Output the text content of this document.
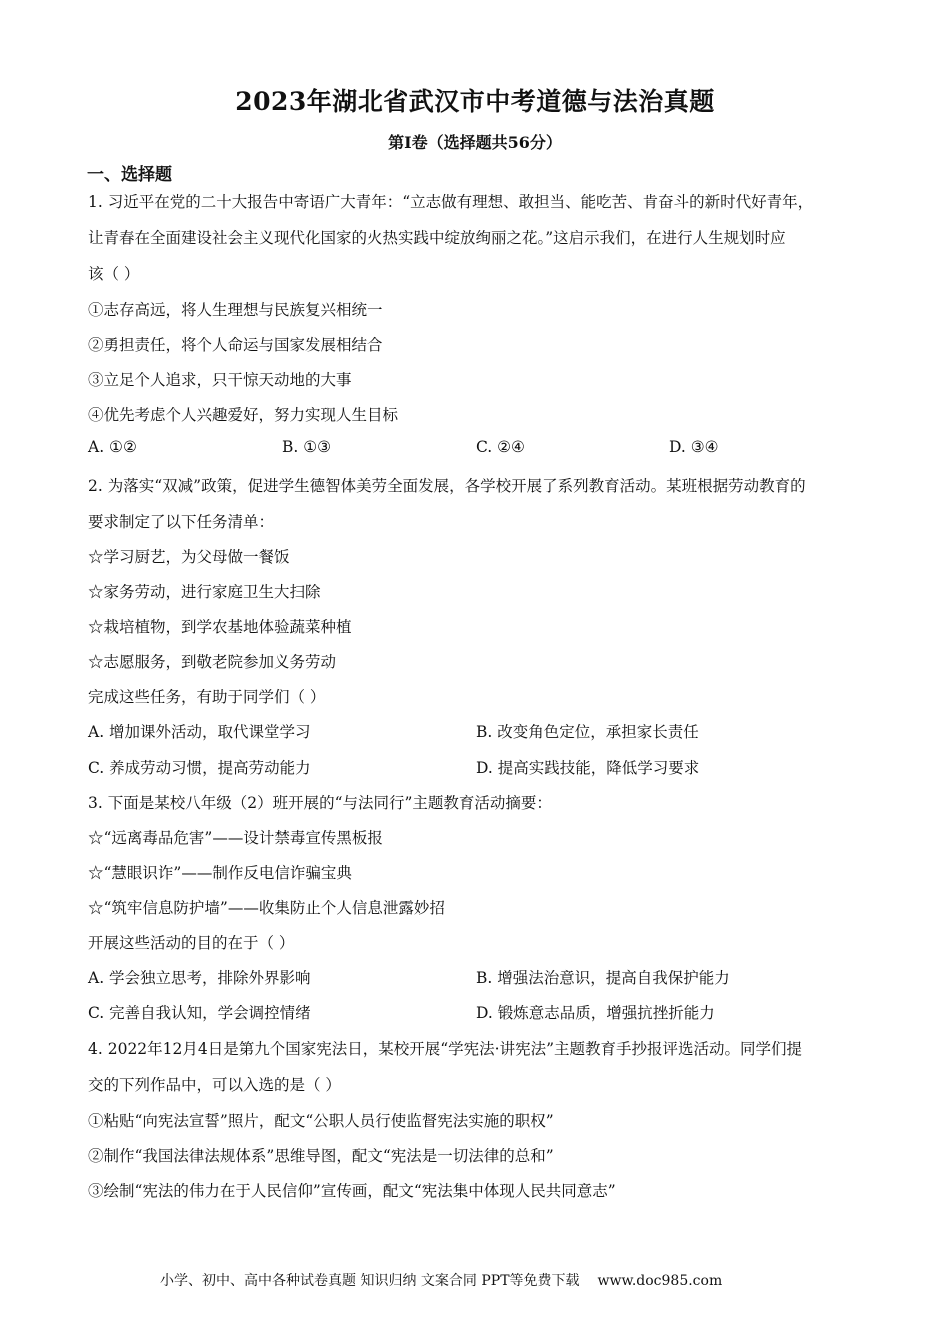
2023年湖北省武汉市中考道德与法治真题
第I卷（选择题共56分）
一、选择题
1. 习近平在党的二十大报告中寄语广大青年：“立志做有理想、敢担当、能吃苦、肯奋斗的新时代好青年，
让青春在全面建设社会主义现代化国家的火热实践中绽放绚丽之花。”这启示我们，在进行人生规划时应
该（ ）
①志存高远，将人生理想与民族复兴相统一
②勇担责任，将个人命运与国家发展相结合
③立足个人追求，只干惊天动地的大事
④优先考虑个人兴趣爱好，努力实现人生目标
A. ①②	B. ①③	C. ②④	D. ③④
2. 为落实“双减”政策，促进学生德智体美劳全面发展，各学校开展了系列教育活动。某班根据劳动教育的
要求制定了以下任务清单：
☆学习厨艺，为父母做一餐饭
☆家务劳动，进行家庭卫生大扫除
☆栽培植物，到学农基地体验蔬菜种植
☆志愿服务，到敬老院参加义务劳动
完成这些任务，有助于同学们（ ）
A. 增加课外活动，取代课堂学习	B. 改变角色定位，承担家长责任
C. 养成劳动习惯，提高劳动能力	D. 提高实践技能，降低学习要求
3. 下面是某校八年级（2）班开展的“与法同行”主题教育活动摘要：
☆“远离毒品危害”——设计禁毒宣传黑板报
☆“慧眼识诈”——制作反电信诈骗宝典
☆“筑牢信息防护墙”——收集防止个人信息泄露妙招
开展这些活动的目的在于（ ）
A. 学会独立思考，排除外界影响	B. 增强法治意识，提高自我保护能力
C. 完善自我认知，学会调控情绪	D. 锻炼意志品质，增强抗挫折能力
4. 2022年12月4日是第九个国家宪法日，某校开展“学宪法·讲宪法”主题教育手抄报评选活动。同学们提
交的下列作品中，可以入选的是（ ）
①粘贴“向宪法宣誓”照片，配文“公职人员行使监督宪法实施的职权”
②制作“我国法律法规体系”思维导图，配文“宪法是一切法律的总和”
③绘制“宪法的伟力在于人民信仰”宣传画，配文“宪法集中体现人民共同意志”
小学、初中、高中各种试卷真题 知识归纳 文案合同 PPT等免费下载 www.doc985.com
